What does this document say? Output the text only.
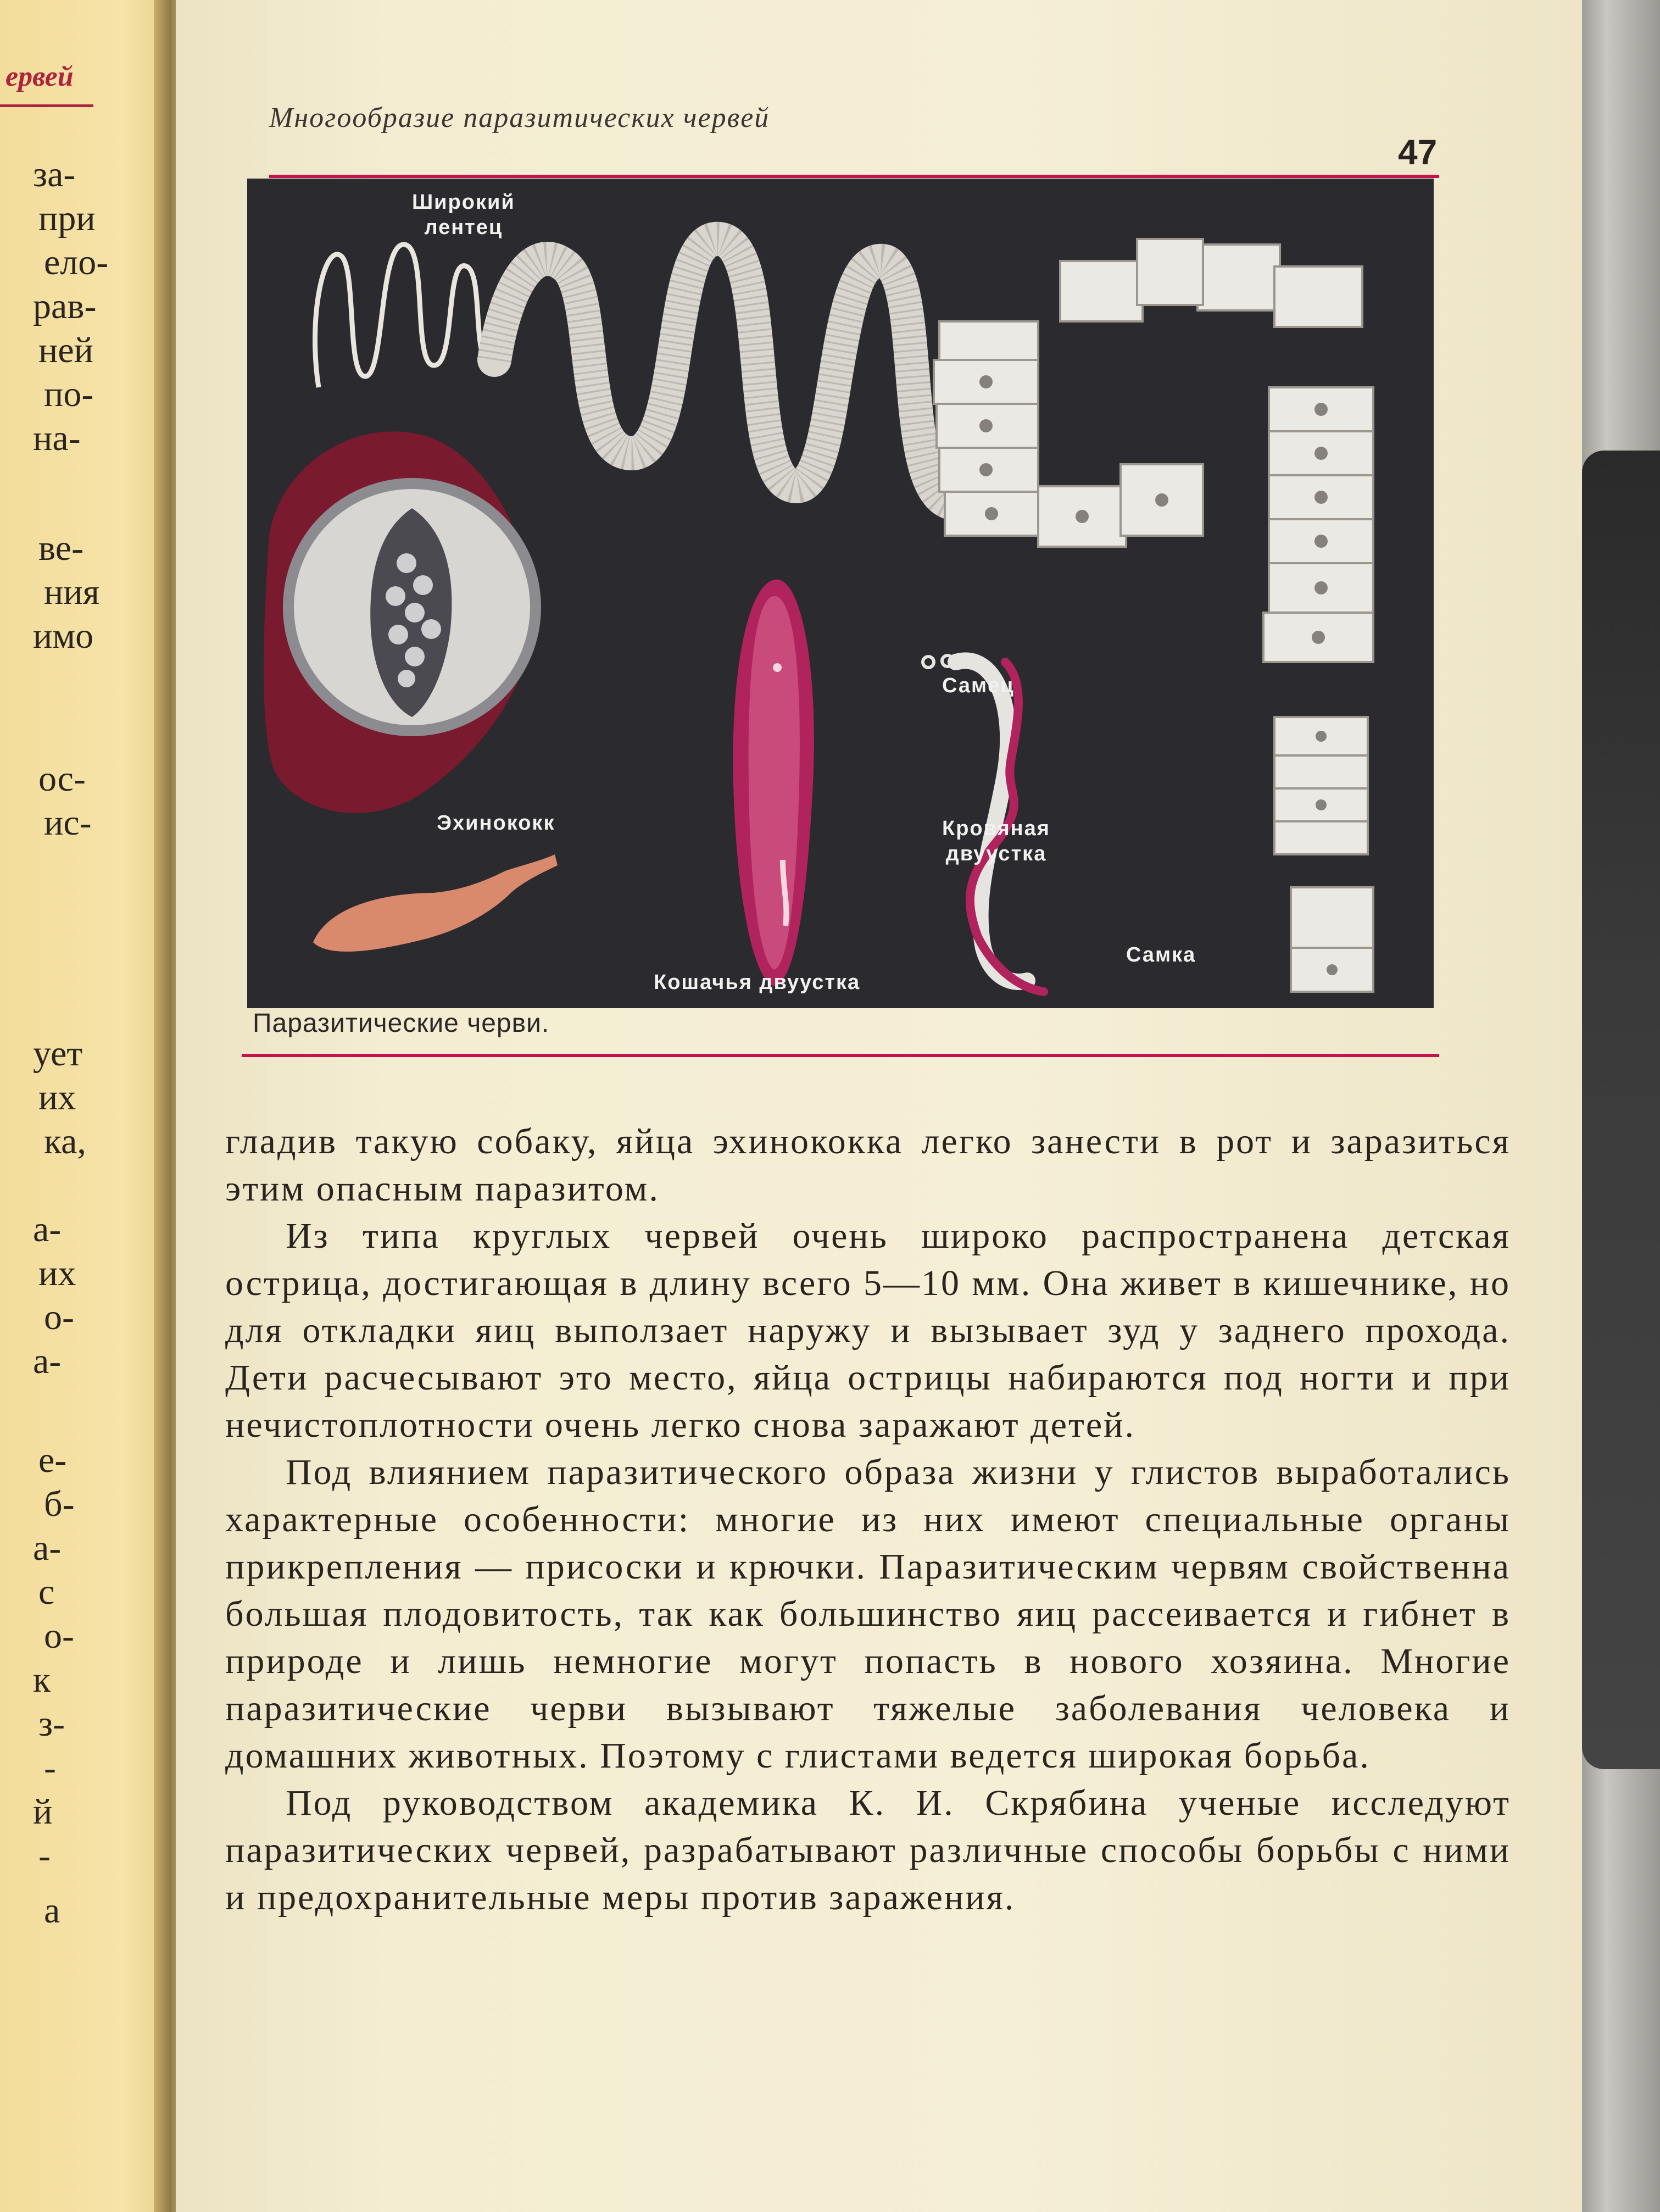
ервей
за-
при
ело-
рав-
ней
по-
на-
ве-
ния
имо
ос-
ис-
ует
их
ка,
а-
их
о-
а-
е-
б-
а-
с
о-
к
з-
-
й
-
а
Многообразие паразитических червей
47
Широкий
лентец
Эхинококк
Самец
Кровяная
двуустка
Самка
Кошачья двуустка
Паразитические черви.

гладив такую собаку, яйца эхинококка легко занести в рот и заразиться этим опасным паразитом.

Из типа круглых червей очень широко распространена детская острица, достигающая в длину всего 5—10 мм. Она живет в кишечнике, но для откладки яиц выползает наружу и вызывает зуд у заднего прохода. Дети расчесывают это место, яйца острицы набираются под ногти и при нечистоплотности очень легко снова заражают детей.

Под влиянием паразитического образа жизни у глистов выработались характерные особенности: многие из них имеют специальные органы прикрепления — присоски и крючки. Паразитическим червям свойственна большая плодовитость, так как большинство яиц рассеивается и гибнет в природе и лишь немногие могут попасть в нового хозяина. Многие паразитические черви вызывают тяжелые заболевания человека и домашних животных. Поэтому с глистами ведется широкая борьба.

Под руководством академика К. И. Скрябина ученые исследуют паразитических червей, разрабатывают различные способы борьбы с ними и предохранительные меры против заражения.
